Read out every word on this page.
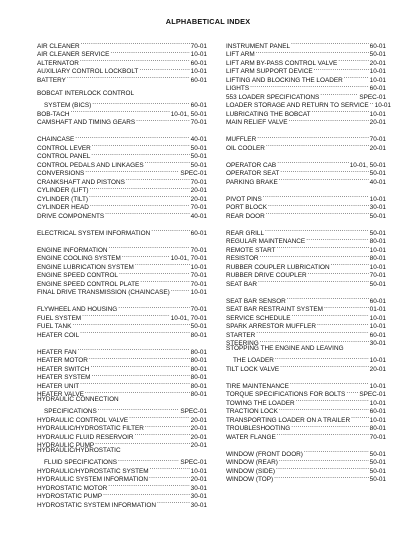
ALPHABETICAL INDEX
AIR CLEANER .....	70-01
AIR CLEANER SERVICE .....	10-01
ALTERNATOR .....	60-01
AUXILIARY CONTROL LOCKBOLT .....	10-01
BATTERY .....	60-01
BOBCAT INTERLOCK CONTROL
SYSTEM (BICS) .....	60-01
BOB-TACH .....	10-01, 50-01
CAMSHAFT AND TIMING GEARS .....	70-01
CHAINCASE .....	40-01
CONTROL LEVER .....	50-01
CONTROL PANEL .....	50-01
CONTROL PEDALS AND LINKAGES .....	50-01
CONVERSIONS .....	SPEC-01
CRANKSHAFT AND PISTONS .....	70-01
CYLINDER (LIFT) .....	20-01
CYLINDER (TILT) .....	20-01
CYLINDER HEAD .....	70-01
DRIVE COMPONENTS .....	40-01
ELECTRICAL SYSTEM INFORMATION .....	60-01
ENGINE INFORMATION .....	70-01
ENGINE COOLING SYSTEM .....	10-01, 70-01
ENGINE LUBRICATION SYSTEM .....	10-01
ENGINE SPEED CONTROL .....	70-01
ENGINE SPEED CONTROL PLATE .....	70-01
FINAL DRIVE TRANSMISSION (CHAINCASE) .....	10-01
FLYWHEEL AND HOUSING .....	70-01
FUEL SYSTEM .....	10-01, 70-01
FUEL TANK .....	50-01
HEATER COIL .....	80-01
HEATER FAN .....	80-01
HEATER MOTOR .....	80-01
HEATER SWITCH .....	80-01
HEATER SYSTEM .....	80-01
HEATER UNIT .....	80-01
HEATER VALVE .....	80-01
HYDRAULIC CONNECTION
SPECIFICATIONS .....	SPEC-01
HYDRAULIC CONTROL VALVE .....	20-01
HYDRAULIC/HYDROSTATIC FILTER .....	20-01
HYDRAULIC FLUID RESERVOIR .....	20-01
HYDRAULIC PUMP .....	20-01
HYDRAULIC/HYDROSTATIC
FLUID SPECIFICATIONS .....	SPEC-01
HYDRAULIC/HYDROSTATIC SYSTEM .....	10-01
HYDRAULIC SYSTEM INFORMATION .....	20-01
HYDROSTATIC MOTOR .....	30-01
HYDROSTATIC PUMP .....	30-01
HYDROSTATIC SYSTEM INFORMATION .....	30-01
INSTRUMENT PANEL .....	60-01
LIFT ARM .....	50-01
LIFT ARM BY-PASS CONTROL VALVE .....	20-01
LIFT ARM SUPPORT DEVICE .....	10-01
LIFTING AND BLOCKING THE LOADER .....	10-01
LIGHTS .....	60-01
553 LOADER SPECIFICATIONS .....	SPEC-01
LOADER STORAGE AND RETURN TO SERVICE ..... 10-01
LUBRICATING THE BOBCAT .....	10-01
MAIN RELIEF VALVE .....	20-01
MUFFLER .....	70-01
OIL COOLER .....	20-01
OPERATOR CAB .....	10-01, 50-01
OPERATOR SEAT .....	50-01
PARKING BRAKE .....	40-01
PIVOT PINS .....	10-01
PORT BLOCK .....	30-01
REAR DOOR .....	50-01
REAR GRILL .....	50-01
REGULAR MAINTENANCE .....	80-01
REMOTE START .....	10-01
RESISTOR .....	80-01
RUBBER COUPLER LUBRICATION .....	10-01
RUBBER DRIVE COUPLER .....	70-01
SEAT BAR .....	50-01
SEAT BAR SENSOR .....	60-01
SEAT BAR RESTRAINT SYSTEM .....	01-01
SERVICE SCHEDULE .....	10-01
SPARK ARRESTOR MUFFLER .....	10-01
STARTER .....	60-01
STEERING .....	30-01
STOPPING THE ENGINE AND LEAVING
THE LOADER .....	10-01
TILT LOCK VALVE .....	20-01
TIRE MAINTENANCE .....	10-01
TORQUE SPECIFICATIONS FOR BOLTS ..... SPEC-01
TOWING THE LOADER .....	10-01
TRACTION LOCK .....	60-01
TRANSPORTING LOADER ON A TRAILER .....	10-01
TROUBLESHOOTING .....	80-01
WATER FLANGE .....	70-01
WINDOW (FRONT DOOR) .....	50-01
WINDOW (REAR) .....	50-01
WINDOW (SIDE) .....	50-01
WINDOW (TOP) .....	50-01
